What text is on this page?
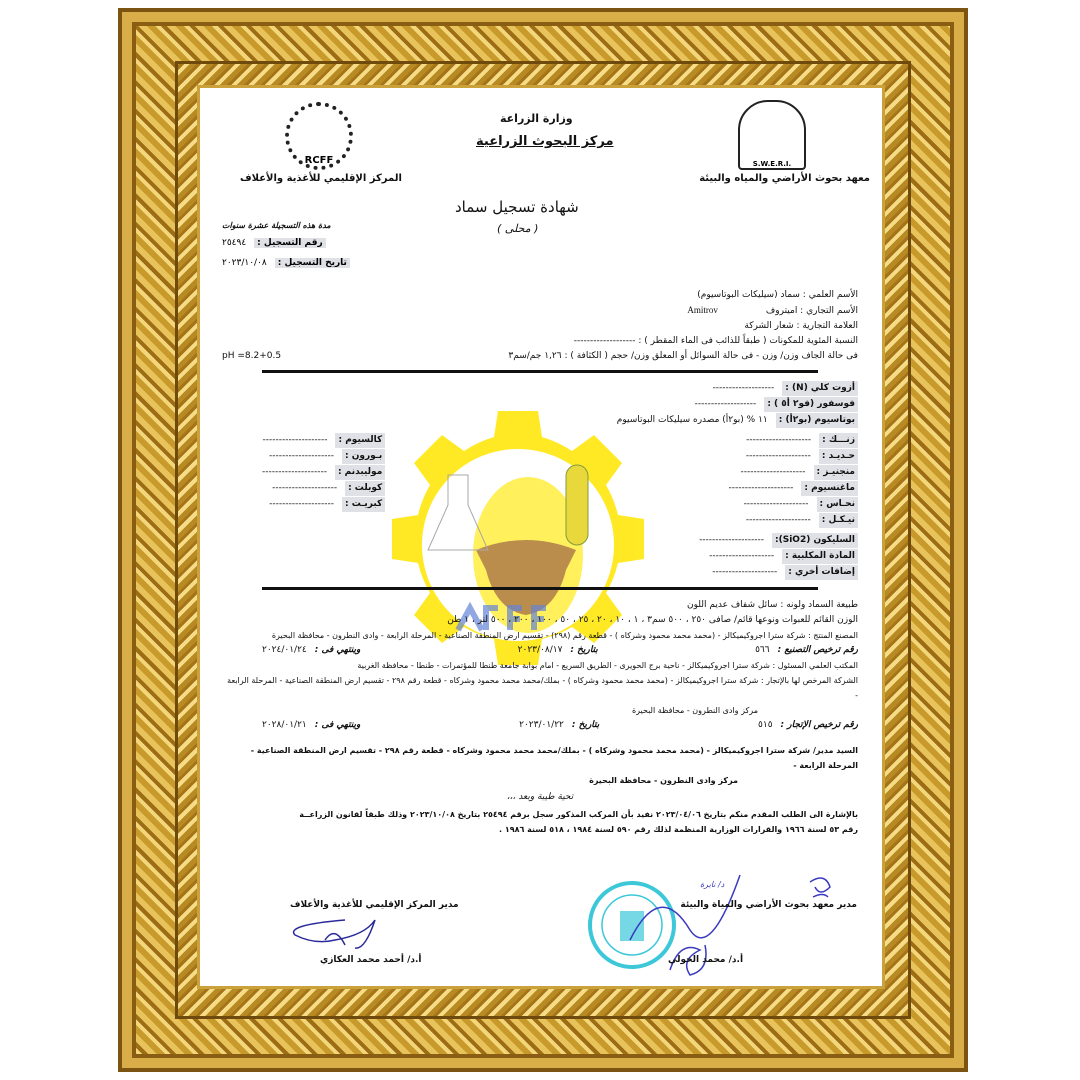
RCFF	S.W.E.R.I.
وزارة الزراعة
مركز البحوث الزراعية
المركز الإقليمي للأغذية والأعلاف	معهد بحوث الأراضي والمياه والبيئة
شهادة تسجيل سماد
( محلى )
مدة هذه التسجيلة عشرة سنوات
رقم التسجيل :
٢٥٤٩٤
تاريخ التسجيل :
٢٠٢٣/١٠/٠٨
الأسم العلمي : سماد (سيليكات البوتاسيوم)
الأسم التجاري : اميتروف
Amitrov
العلامة التجارية : شعار الشركة
النسبة المئوية للمكونات ( طبقاً للذائب فى الماء المقطر ) : -------------------
فى حالة الجاف وزن/ وزن - فى حالة السوائل أو المعلق وزن/ حجم ( الكثافة ) : ١,٢٦ جم/سم٣
pH =8.2+0.5
أزوت كلي (N) :
-------------------
فوسفور (فو٢ أ٥ ) :
-------------------
بوتاسيوم (بو٢أ) :
١١ % (بو٢أ) مصدره سيليكات البوتاسيوم
زنـــك :
--------------------
حـديـد :
--------------------
منجنيـز :
--------------------
ماغنسيوم :
--------------------
نحـاس :
--------------------
نيـكـل :
--------------------
كالسيوم :
--------------------
بـورون :
--------------------
موليبدنم :
--------------------
كوبلت :
--------------------
كبريـت :
--------------------
السليكون (SiO2):
--------------------
المادة المكلبية :
--------------------
إضافات أخري :
--------------------
طبيعة السماد ولونه : سائل شفاف عديم اللون
الوزن القائم للعبوات ونوعها قائم/ صافى ٢٥٠ ، ٥٠٠ سم٣ ، ١ ، ١٠ ، ٢٠ ، ٢٥ ، ٥٠ ، ١٠٠ ، ٢٠٠ ، ٥٠٠ لتر ، ١ طن
المصنع المنتج : شركة سترا اجروكيميكالز - (محمد محمد محمود وشركاه ) - قطعة رقم (٢٩٨) - تقسيم ارض المنطقة الصناعية - المرحلة الرابعة - وادى النطرون - محافظة البحيرة
رقم ترخيص التصنيع :
٥٦٦
بتاريخ :
٢٠٢٣/٠٨/١٧
وينتهي فى :
٢٠٢٤/٠١/٢٤
المكتب العلمي المسئول : شركة سترا اجروكيميكالز - ناحية برج الحويرى - الطريق السريع - امام بوابة جامعة طنطا للمؤتمرات - طنطا - محافظة الغربية
الشركة المرخص لها بالإتجار : شركة سترا اجروكيميكالز - (محمد محمد محمود وشركاه ) - بملك/محمد محمد محمود وشركاه - قطعة رقم ٢٩٨ - تقسيم ارض المنطقة الصناعية - المرحلة الرابعة -
مركز وادى النطرون - محافظة البحيرة
رقم ترخيص الإتجار :
٥١٥
بتاريخ :
٢٠٢٣/٠١/٢٢
وينتهي فى :
٢٠٢٨/٠١/٢١
السيد مدير/ شركة سترا اجروكيميكالز - (محمد محمد محمود وشركاه ) - بملك/محمد محمد محمود وشركاه - قطعة رقم ٢٩٨ - تقسيم ارض المنطقة الصناعية - المرحلة الرابعة -
مركز وادى النطرون - محافظة البحيرة
تحية طيبة وبعد ،،،
بالإشارة الى الطلب المقدم منكم بتاريخ ٢٠٢٣/٠٤/٠٦ نفيد بأن المركب المذكور سجل برقم ٢٥٤٩٤ بتاريخ ٢٠٢٣/١٠/٠٨ وذلك طبقاً لقانون الزراعــة
رقم ٥٣ لسنة ١٩٦٦ والقرارات الوزارية المنظمة لذلك رقم ٥٩٠ لسنة ١٩٨٤ ، ٥١٨ لسنة ١٩٨٦ .
د/ نايرة
مدير المركز الإقليمي للأغذية والأعلاف
أ.د/ أحمد محمد العكازي
مدير معهد بحوث الأراضي والمياة والبيئة
أ.د/ محمد الخولي
